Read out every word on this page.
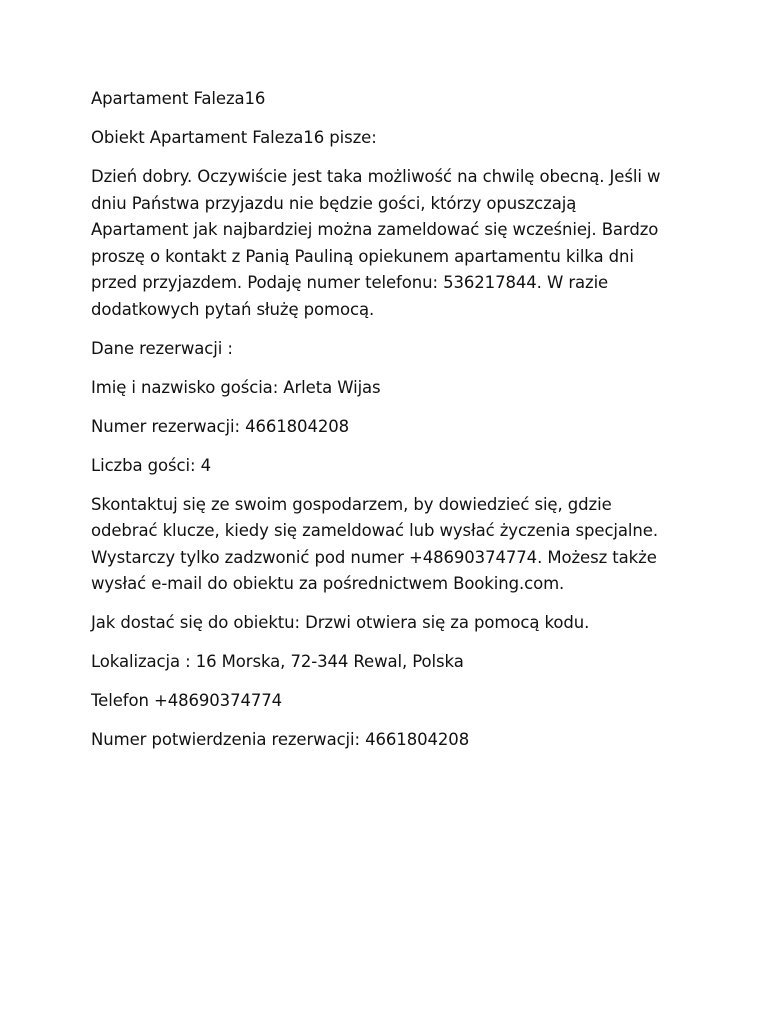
Apartament Faleza16

Obiekt Apartament Faleza16 pisze:

Dzień dobry. Oczywiście jest taka możliwość na chwilę obecną. Jeśli w
dniu Państwa przyjazdu nie będzie gości, którzy opuszczają
Apartament jak najbardziej można zameldować się wcześniej. Bardzo
proszę o kontakt z Panią Pauliną opiekunem apartamentu kilka dni
przed przyjazdem. Podaję numer telefonu: 536217844. W razie
dodatkowych pytań służę pomocą.

Dane rezerwacji :

Imię i nazwisko gościa: Arleta Wijas

Numer rezerwacji: 4661804208

Liczba gości: 4

Skontaktuj się ze swoim gospodarzem, by dowiedzieć się, gdzie
odebrać klucze, kiedy się zameldować lub wysłać życzenia specjalne.
Wystarczy tylko zadzwonić pod numer +48690374774. Możesz także
wysłać e-mail do obiektu za pośrednictwem Booking.com.

Jak dostać się do obiektu: Drzwi otwiera się za pomocą kodu.

Lokalizacja : 16 Morska, 72-344 Rewal, Polska

Telefon +48690374774

Numer potwierdzenia rezerwacji: 4661804208
